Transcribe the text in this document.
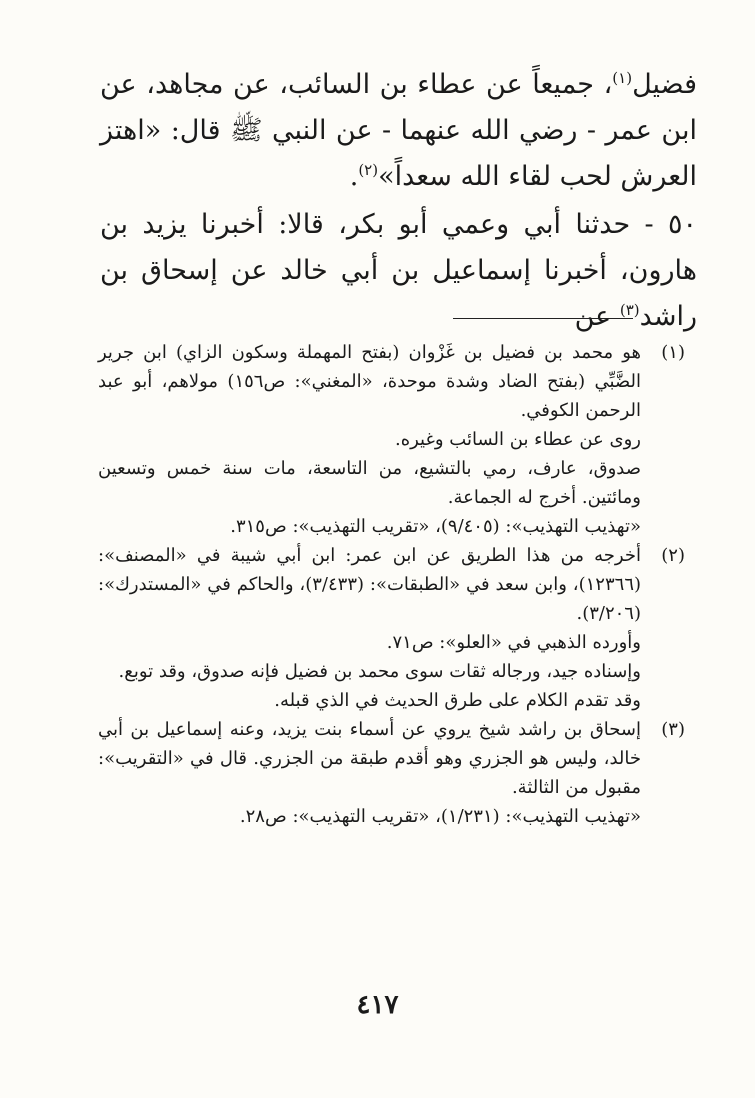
فضيل$^{(١)}$، جميعاً عن عطاء بن السائب، عن مجاهد، عن ابن عمر - رضي الله عنهما - عن النبي ﷺ قال: «اهتز العرش لحب لقاء الله سعداً»$^{(٢)}$.

٥٠ - حدثنا أبي وعمي أبو بكر، قالا: أخبرنا يزيد بن هارون، أخبرنا إسماعيل بن أبي خالد عن إسحاق بن راشد$^{(٣)}$ عن

(١)
هو محمد بن فضيل بن غَزْوان (بفتح المهملة وسكون الزاي) ابن جرير الضَّبِّي (بفتح الضاد وشدة موحدة، «المغني»: ص١٥٦) مولاهم، أبو عبد الرحمن الكوفي.
روى عن عطاء بن السائب وغيره.
صدوق، عارف، رمي بالتشيع، من التاسعة، مات سنة خمس وتسعين ومائتين. أخرج له الجماعة.
«تهذيب التهذيب»: (٩/٤٠٥)، «تقريب التهذيب»: ص٣١٥.
(٢)
أخرجه من هذا الطريق عن ابن عمر: ابن أبي شيبة في «المصنف»: (١٢٣٦٦)، وابن سعد في «الطبقات»: (٣/٤٣٣)، والحاكم في «المستدرك»: (٣/٢٠٦).
وأورده الذهبي في «العلو»: ص٧١.
وإسناده جيد، ورجاله ثقات سوى محمد بن فضيل فإنه صدوق، وقد توبع.
وقد تقدم الكلام على طرق الحديث في الذي قبله.
(٣)
إسحاق بن راشد شيخ يروي عن أسماء بنت يزيد، وعنه إسماعيل بن أبي خالد، وليس هو الجزري وهو أقدم طبقة من الجزري. قال في «التقريب»: مقبول من الثالثة.
«تهذيب التهذيب»: (١/٢٣١)، «تقريب التهذيب»: ص٢٨.
٤١٧
